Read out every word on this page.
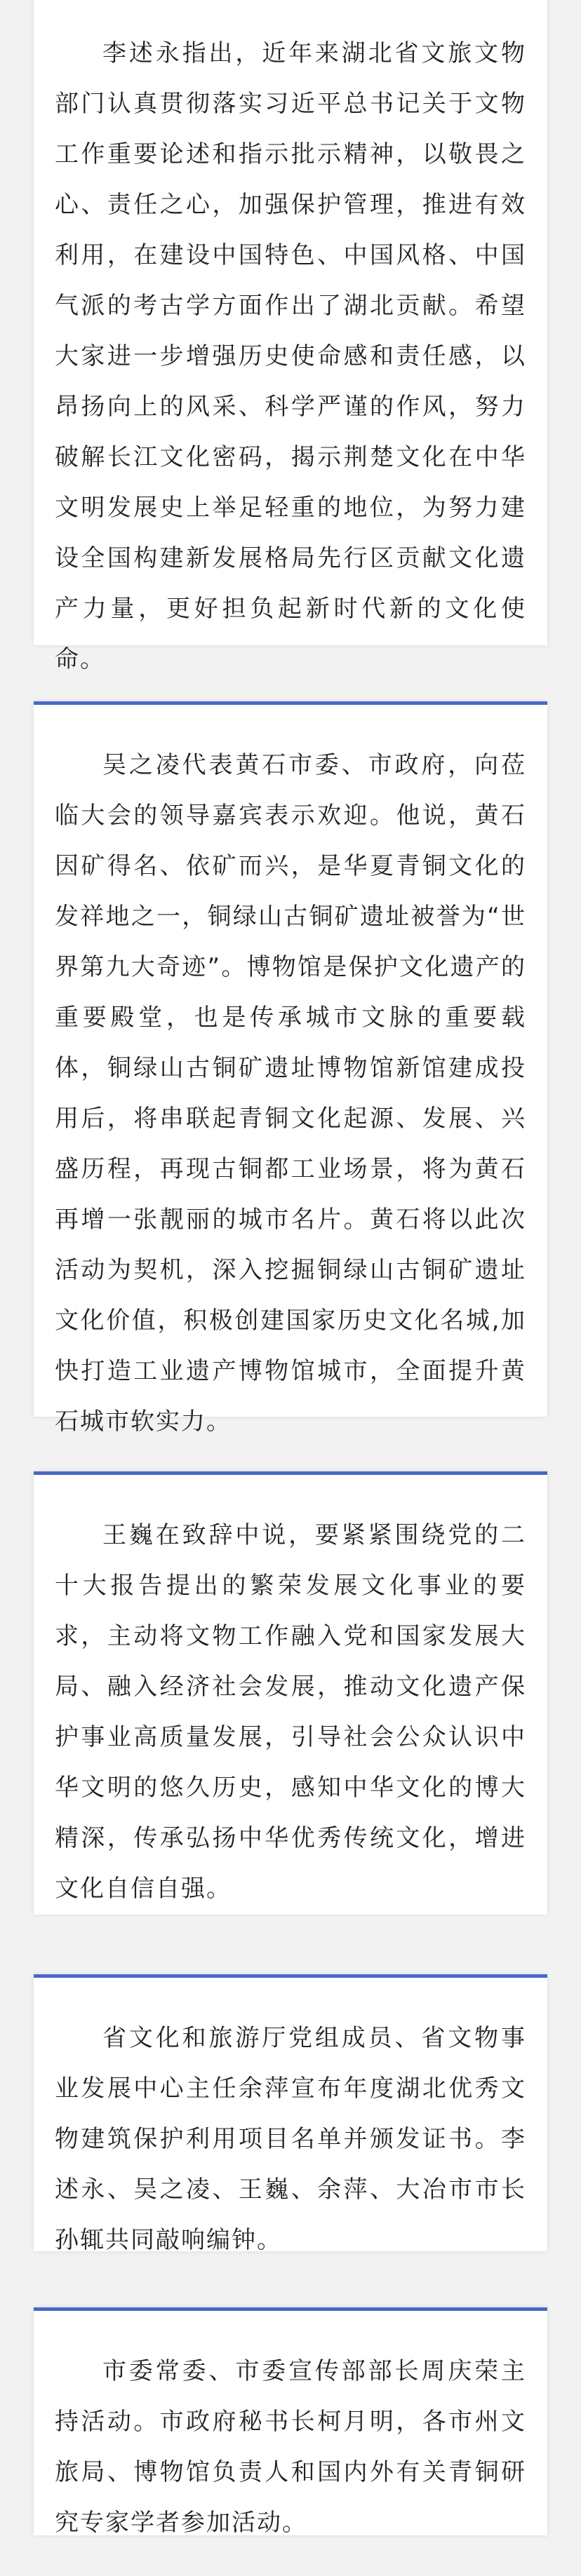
李述永指出，近年来湖北省文旅文物部门认真贯彻落实习近平总书记关于文物工作重要论述和指示批示精神，以敬畏之心、责任之心，加强保护管理，推进有效利用，在建设中国特色、中国风格、中国气派的考古学方面作出了湖北贡献。希望大家进一步增强历史使命感和责任感，以昂扬向上的风采、科学严谨的作风，努力破解长江文化密码，揭示荆楚文化在中华文明发展史上举足轻重的地位，为努力建设全国构建新发展格局先行区贡献文化遗产力量，更好担负起新时代新的文化使命。

吴之凌代表黄石市委、市政府，向莅临大会的领导嘉宾表示欢迎。他说，黄石因矿得名、依矿而兴，是华夏青铜文化的发祥地之一，铜绿山古铜矿遗址被誉为“世界第九大奇迹”。博物馆是保护文化遗产的重要殿堂，也是传承城市文脉的重要载体，铜绿山古铜矿遗址博物馆新馆建成投用后，将串联起青铜文化起源、发展、兴盛历程，再现古铜都工业场景，将为黄石再增一张靓丽的城市名片。黄石将以此次活动为契机，深入挖掘铜绿山古铜矿遗址文化价值，积极创建国家历史文化名城,加快打造工业遗产博物馆城市，全面提升黄石城市软实力。

王巍在致辞中说，要紧紧围绕党的二十大报告提出的繁荣发展文化事业的要求，主动将文物工作融入党和国家发展大局、融入经济社会发展，推动文化遗产保护事业高质量发展，引导社会公众认识中华文明的悠久历史，感知中华文化的博大精深，传承弘扬中华优秀传统文化，增进文化自信自强。

省文化和旅游厅党组成员、省文物事业发展中心主任余萍宣布年度湖北优秀文物建筑保护利用项目名单并颁发证书。李述永、吴之凌、王巍、余萍、大冶市市长孙辄共同敲响编钟。

市委常委、市委宣传部部长周庆荣主持活动。市政府秘书长柯月明，各市州文旅局、博物馆负责人和国内外有关青铜研究专家学者参加活动。
